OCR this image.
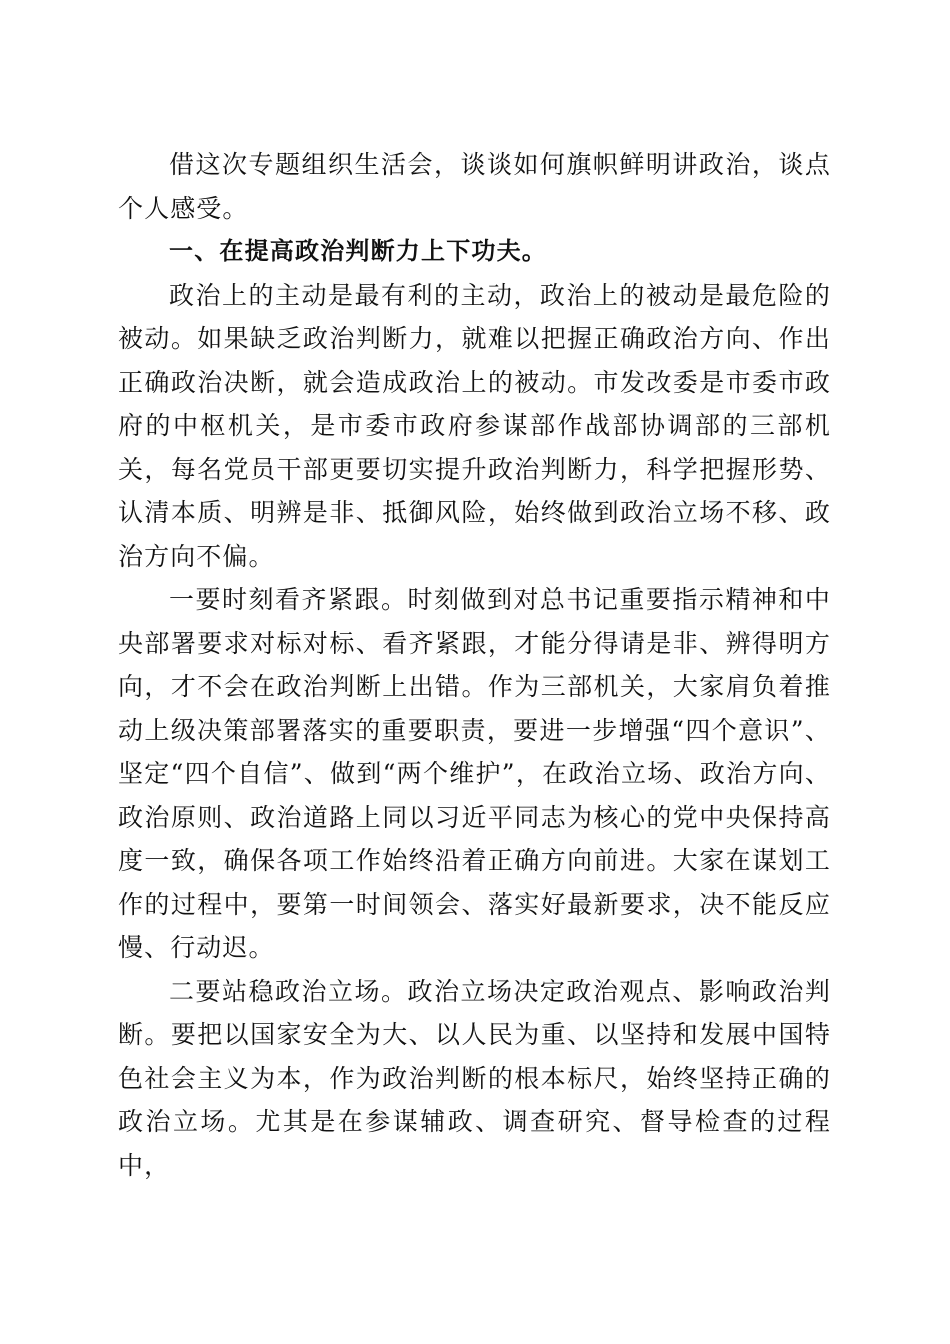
借这次专题组织生活会，谈谈如何旗帜鲜明讲政治，谈点个人感受。

一、在提高政治判断力上下功夫。

政治上的主动是最有利的主动，政治上的被动是最危险的被动。如果缺乏政治判断力，就难以把握正确政治方向、作出正确政治决断，就会造成政治上的被动。市发改委是市委市政府的中枢机关，是市委市政府参谋部作战部协调部的三部机关，每名党员干部更要切实提升政治判断力，科学把握形势、认清本质、明辨是非、抵御风险，始终做到政治立场不移、政治方向不偏。

一要时刻看齐紧跟。时刻做到对总书记重要指示精神和中央部署要求对标对标、看齐紧跟，才能分得请是非、辨得明方向，才不会在政治判断上出错。作为三部机关，大家肩负着推动上级决策部署落实的重要职责，要进一步增强“四个意识”、坚定“四个自信”、做到“两个维护”，在政治立场、政治方向、政治原则、政治道路上同以习近平同志为核心的党中央保持高度一致，确保各项工作始终沿着正确方向前进。大家在谋划工作的过程中，要第一时间领会、落实好最新要求，决不能反应慢、行动迟。

二要站稳政治立场。政治立场决定政治观点、影响政治判断。要把以国家安全为大、以人民为重、以坚持和发展中国特色社会主义为本，作为政治判断的根本标尺，始终坚持正确的政治立场。尤其是在参谋辅政、调查研究、督导检查的过程中，
